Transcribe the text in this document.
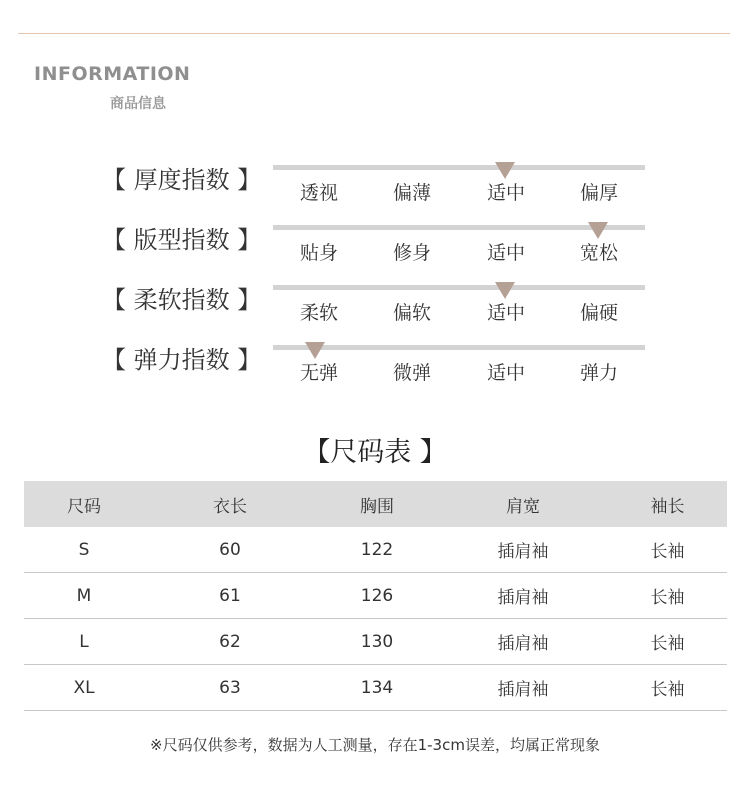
INFORMATION
商品信息
【 厚度指数 】	透视	偏薄	适中	偏厚
【 版型指数 】	贴身	修身	适中	宽松
【 柔软指数 】	柔软	偏软	适中	偏硬
【 弹力指数 】	无弹	微弹	适中	弹力
【尺码表 】
尺码	衣长	胸围	肩宽	袖长
S	60	122	插肩袖	长袖
M	61	126	插肩袖	长袖
L	62	130	插肩袖	长袖
XL	63	134	插肩袖	长袖
※尺码仅供参考，数据为人工测量，存在1-3cm误差，均属正常现象
